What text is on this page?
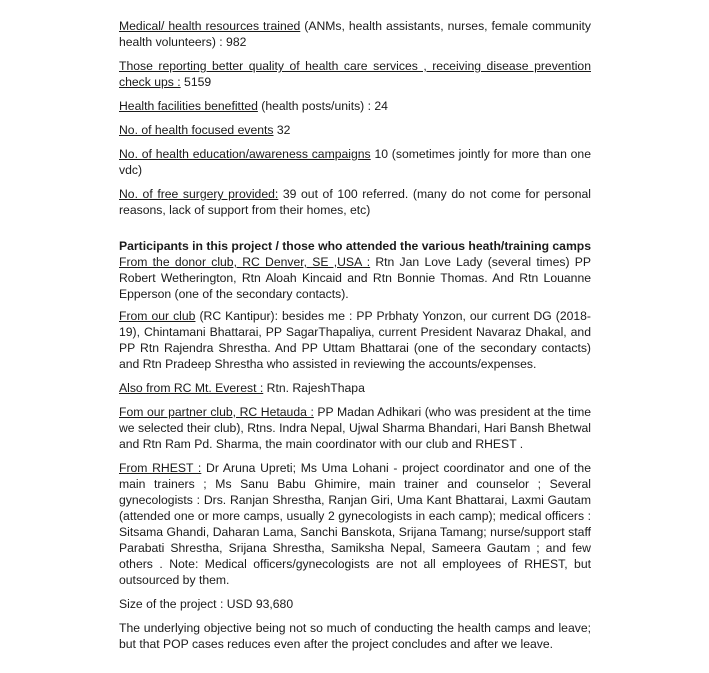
Medical/ health resources trained (ANMs, health assistants, nurses, female community health volunteers) : 982

Those reporting better quality of health care services , receiving disease prevention check ups : 5159

Health facilities benefitted (health posts/units) : 24

No. of health focused events 32

No. of health education/awareness campaigns 10 (sometimes jointly for more than one vdc)

No. of free surgery provided: 39 out of 100 referred. (many do not come for personal reasons, lack of support from their homes, etc)

Participants in this project / those who attended the various heath/training camps

From the donor club, RC Denver, SE ,USA : Rtn Jan Love Lady (several times) PP Robert Wetherington, Rtn Aloah Kincaid and Rtn Bonnie Thomas. And Rtn Louanne Epperson (one of the secondary contacts).

From our club (RC Kantipur): besides me : PP Prbhaty Yonzon, our current DG (2018-19), Chintamani Bhattarai, PP SagarThapaliya, current President Navaraz Dhakal, and PP Rtn Rajendra Shrestha. And PP Uttam Bhattarai (one of the secondary contacts) and Rtn Pradeep Shrestha who assisted in reviewing the accounts/expenses.

Also from RC Mt. Everest : Rtn. RajeshThapa

Fom our partner club, RC Hetauda : PP Madan Adhikari (who was president at the time we selected their club), Rtns. Indra Nepal, Ujwal Sharma Bhandari, Hari Bansh Bhetwal and Rtn Ram Pd. Sharma, the main coordinator with our club and RHEST .

From RHEST : Dr Aruna Upreti; Ms Uma Lohani - project coordinator and one of the main trainers ; Ms Sanu Babu Ghimire, main trainer and counselor ; Several gynecologists : Drs. Ranjan Shrestha, Ranjan Giri, Uma Kant Bhattarai, Laxmi Gautam (attended one or more camps, usually 2 gynecologists in each camp); medical officers : Sitsama Ghandi, Daharan Lama, Sanchi Banskota, Srijana Tamang; nurse/support staff Parabati Shrestha, Srijana Shrestha, Samiksha Nepal, Sameera Gautam ; and few others . Note: Medical officers/gynecologists are not all employees of RHEST, but outsourced by them.

Size of the project : USD 93,680

The underlying objective being not so much of conducting the health camps and leave; but that POP cases reduces even after the project concludes and after we leave.
